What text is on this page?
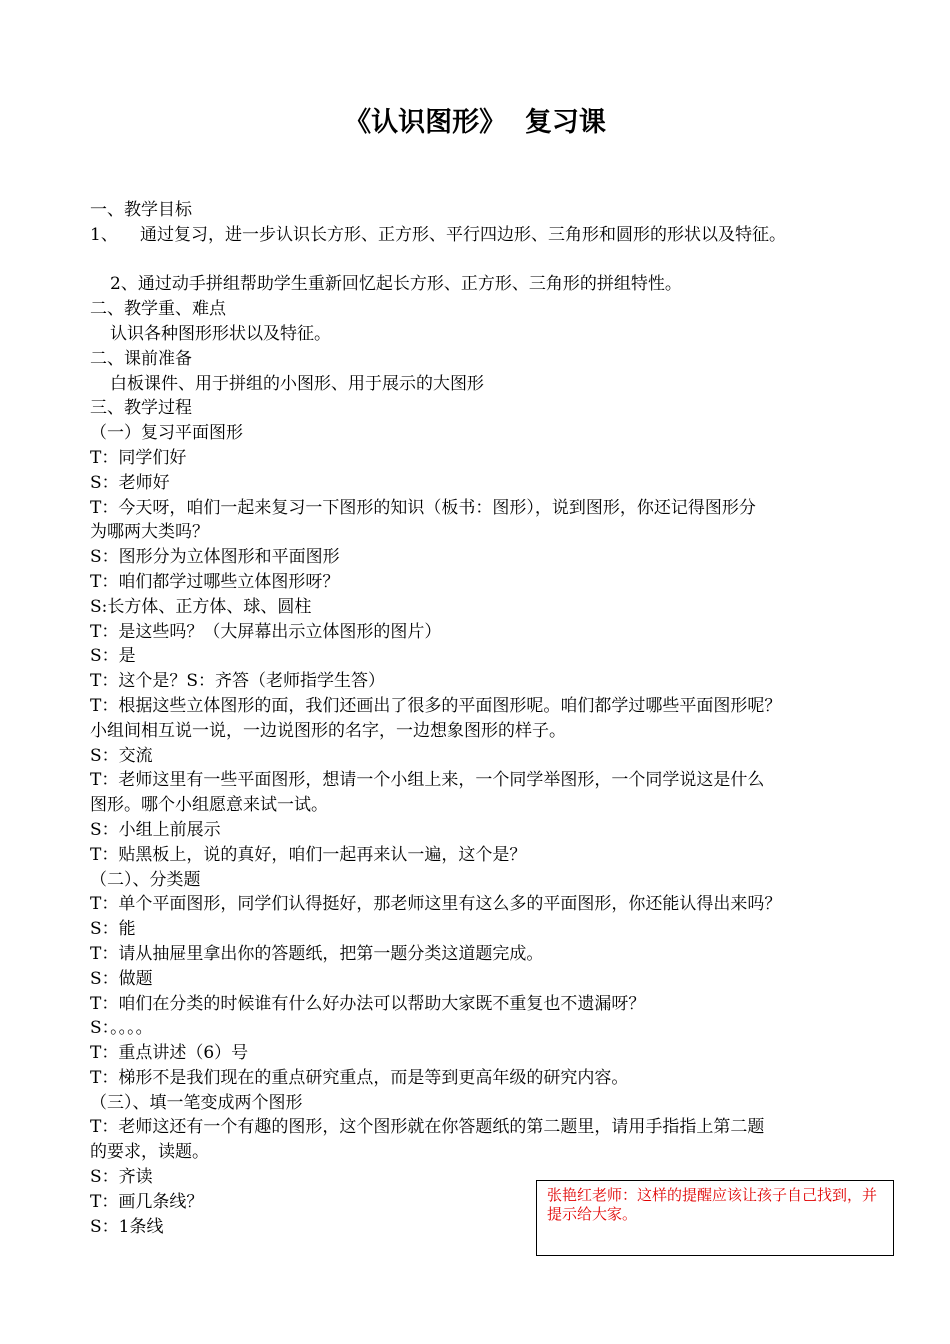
《认识图形》  复习课
一、教学目标
1、 通过复习，进一步认识长方形、正方形、平行四边形、三角形和圆形的形状以及特征。
2、通过动手拼组帮助学生重新回忆起长方形、正方形、三角形的拼组特性。
二、教学重、难点
认识各种图形形状以及特征。
二、课前准备
白板课件、用于拼组的小图形、用于展示的大图形
三、教学过程
（一）复习平面图形
T：同学们好
S：老师好
T：今天呀，咱们一起来复习一下图形的知识（板书：图形），说到图形，你还记得图形分
为哪两大类吗？
S：图形分为立体图形和平面图形
T：咱们都学过哪些立体图形呀？
S:长方体、正方体、球、圆柱
T：是这些吗？（大屏幕出示立体图形的图片）
S：是
T：这个是？S：齐答（老师指学生答）
T：根据这些立体图形的面，我们还画出了很多的平面图形呢。咱们都学过哪些平面图形呢？
小组间相互说一说，一边说图形的名字，一边想象图形的样子。
S：交流
T：老师这里有一些平面图形，想请一个小组上来，一个同学举图形，一个同学说这是什么
图形。哪个小组愿意来试一试。
S：小组上前展示
T：贴黑板上，说的真好，咱们一起再来认一遍，这个是？
（二）、分类题
T：单个平面图形，同学们认得挺好，那老师这里有这么多的平面图形，你还能认得出来吗？
S：能
T：请从抽屉里拿出你的答题纸，把第一题分类这道题完成。
S：做题
T：咱们在分类的时候谁有什么好办法可以帮助大家既不重复也不遗漏呀？
S：。。。。
T：重点讲述（6）号
T：梯形不是我们现在的重点研究重点，而是等到更高年级的研究内容。
（三）、填一笔变成两个图形
T：老师这还有一个有趣的图形，这个图形就在你答题纸的第二题里，请用手指指上第二题
的要求，读题。
S：齐读
T：画几条线？
S：1条线
张艳红老师：这样的提醒应该让孩子自己找到，并提示给大家。
